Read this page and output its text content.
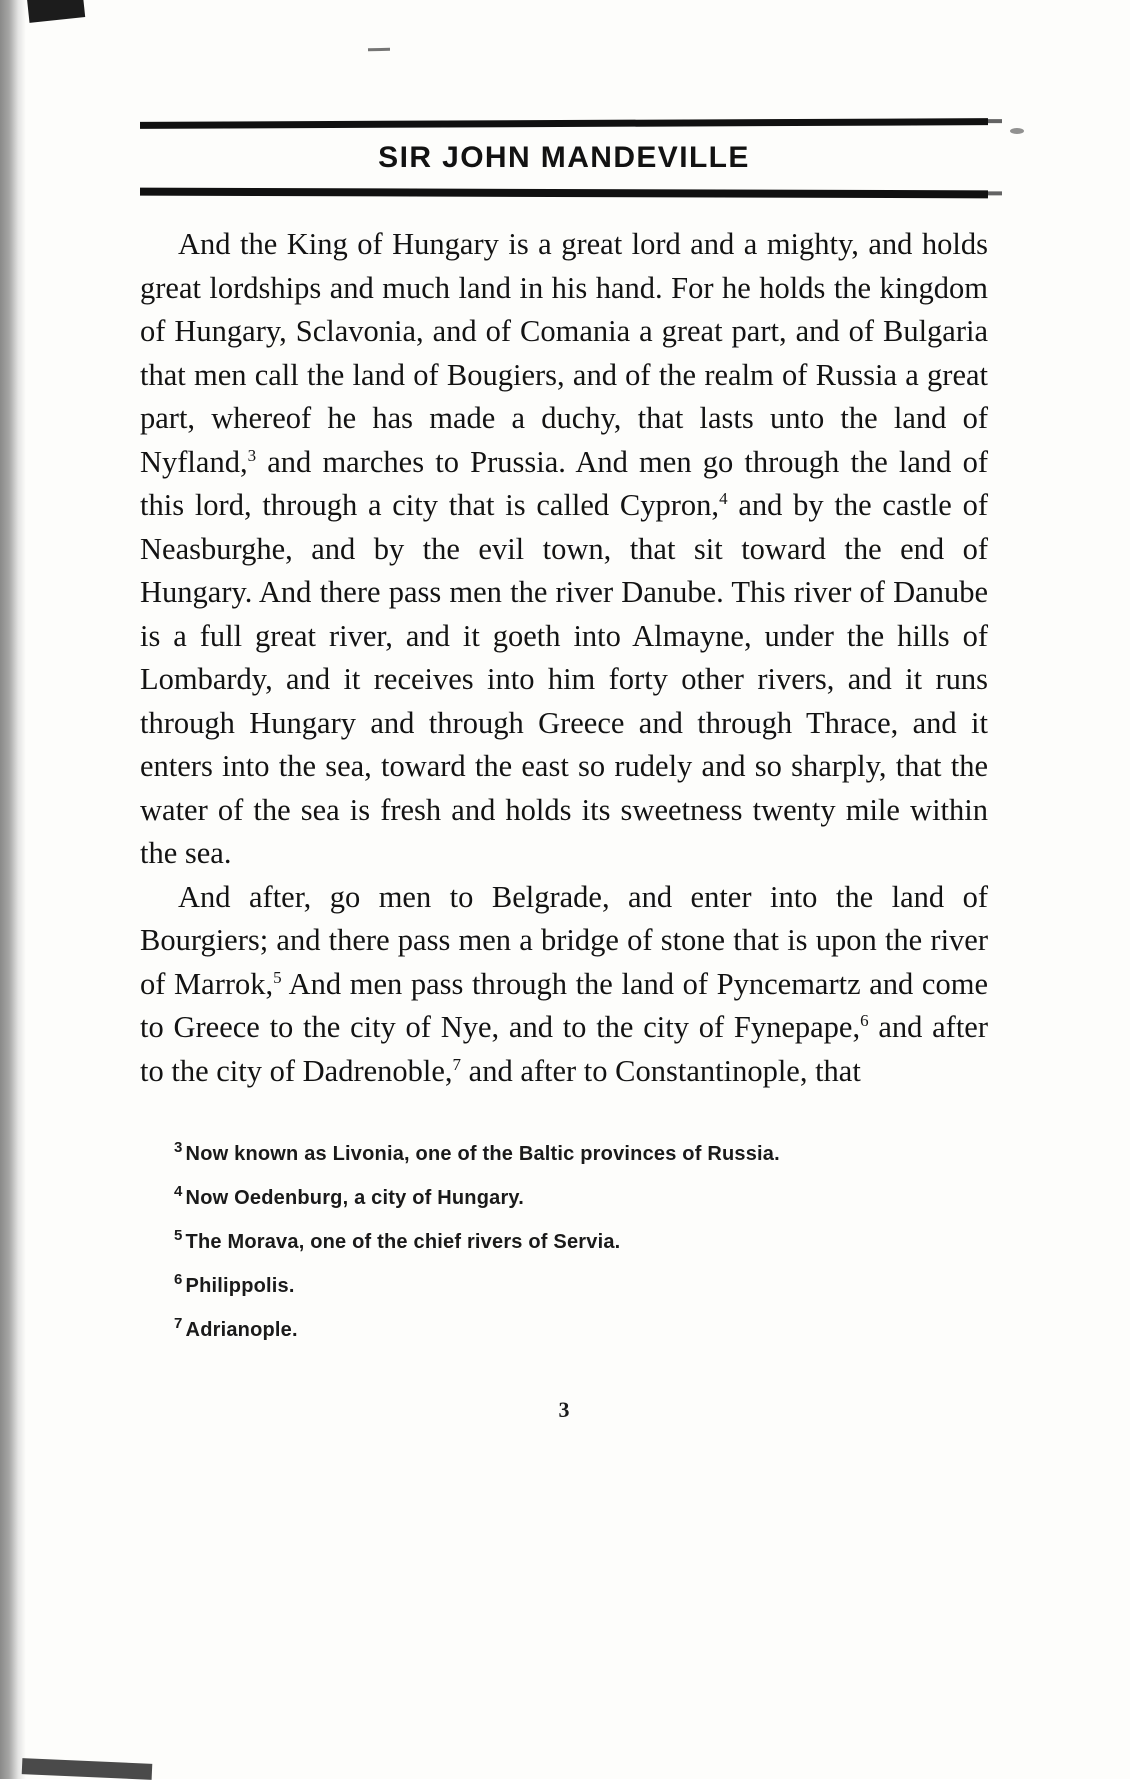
SIR JOHN MANDEVILLE

And the King of Hungary is a great lord and a mighty, and holds great lordships and much land in his hand. For he holds the kingdom of Hungary, Sclavonia, and of Comania a great part, and of Bulgaria that men call the land of Bougiers, and of the realm of Russia a great part, whereof he has made a duchy, that lasts unto the land of Nyfland,$^3$ and marches to Prussia. And men go through the land of this lord, through a city that is called Cypron,$^4$ and by the castle of Neasburghe, and by the evil town, that sit toward the end of Hungary. And there pass men the river Danube. This river of Danube is a full great river, and it goeth into Almayne, under the hills of Lombardy, and it receives into him forty other rivers, and it runs through Hungary and through Greece and through Thrace, and it enters into the sea, toward the east so rudely and so sharply, that the water of the sea is fresh and holds its sweetness twenty mile within the sea.

And after, go men to Belgrade, and enter into the land of Bourgiers; and there pass men a bridge of stone that is upon the river of Marrok,$^5$ And men pass through the land of Pyncemartz and come to Greece to the city of Nye, and to the city of Fynepape,$^6$ and after to the city of Dadrenoble,$^7$ and after to Constantinople, that

$^3$ Now known as Livonia, one of the Baltic provinces of Russia.
$^4$ Now Oedenburg, a city of Hungary.
$^5$ The Morava, one of the chief rivers of Servia.
$^6$ Philippolis.
$^7$ Adrianople.
3
